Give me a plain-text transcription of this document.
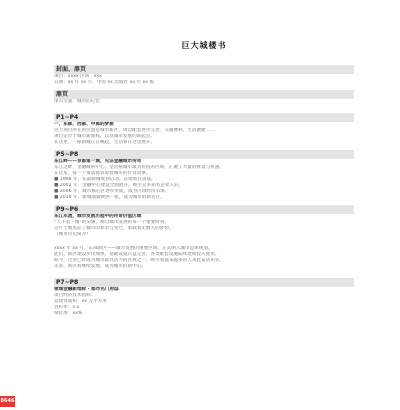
巨大城楼书
封面、扉页
项目：xxxx 区域 · xxx
日期：xx 年 xx 月，中国 xx 出版社 xx 年 xx 版
扉页
扉页文案：城市的记忆
P1~P4
一、东部、西部、中部的梦想
这个项目所在的位置是城市新区，周边配套逐步完善，交通便利，生活便捷……
项目定位于城市新地标，以及城市发展的新起点。
在这里，一座新城正在崛起，生活将在这里展开。
P5~P8
东江畔——京都第一城，见证金融城市传奇
东江之畔，金融城的中心，是这座城市最具价值的区域，汇聚了大量的财富与机遇。
在这里，每一个角落都诉说着城市的传奇故事。
■ 1998 年，东部新城规划启动，首批项目落成。
■ 2002 年，金融中心建设全面展开，吸引众多知名企业入驻。
■ 2006 年，城市核心区逐步形成，成为区域经济引擎。
■ 2010 年，新城面貌焕然一新，成为城市的新名片。
P9~P6
东江永流，城市发展历程中的传奇价值区域
“天下第一城”的荣耀，源自城市发展的每一个重要时刻。
这片土地见证了城市的繁荣与变迁，承载着无数人的梦想。
（城市历史简介）
xxxx 年 xx 月，东部新区——城市发展的重要区域，正式纳入城市总体规划。
此后，新区建设步伐加快，基础设施日益完善，各类配套设施陆续建成投入使用。
如今，这里已经成为城市最具活力的区域之一，吸引着越来越多的人来此安居乐业。
未来，新区将继续发展，成为城市的新中心。
P7~P8
领城金融新地标 · 都市名门府邸
项目经济技术指标：
总建筑面积：xx 万平方米
容积率：x.x
绿化率：xx%
8646
